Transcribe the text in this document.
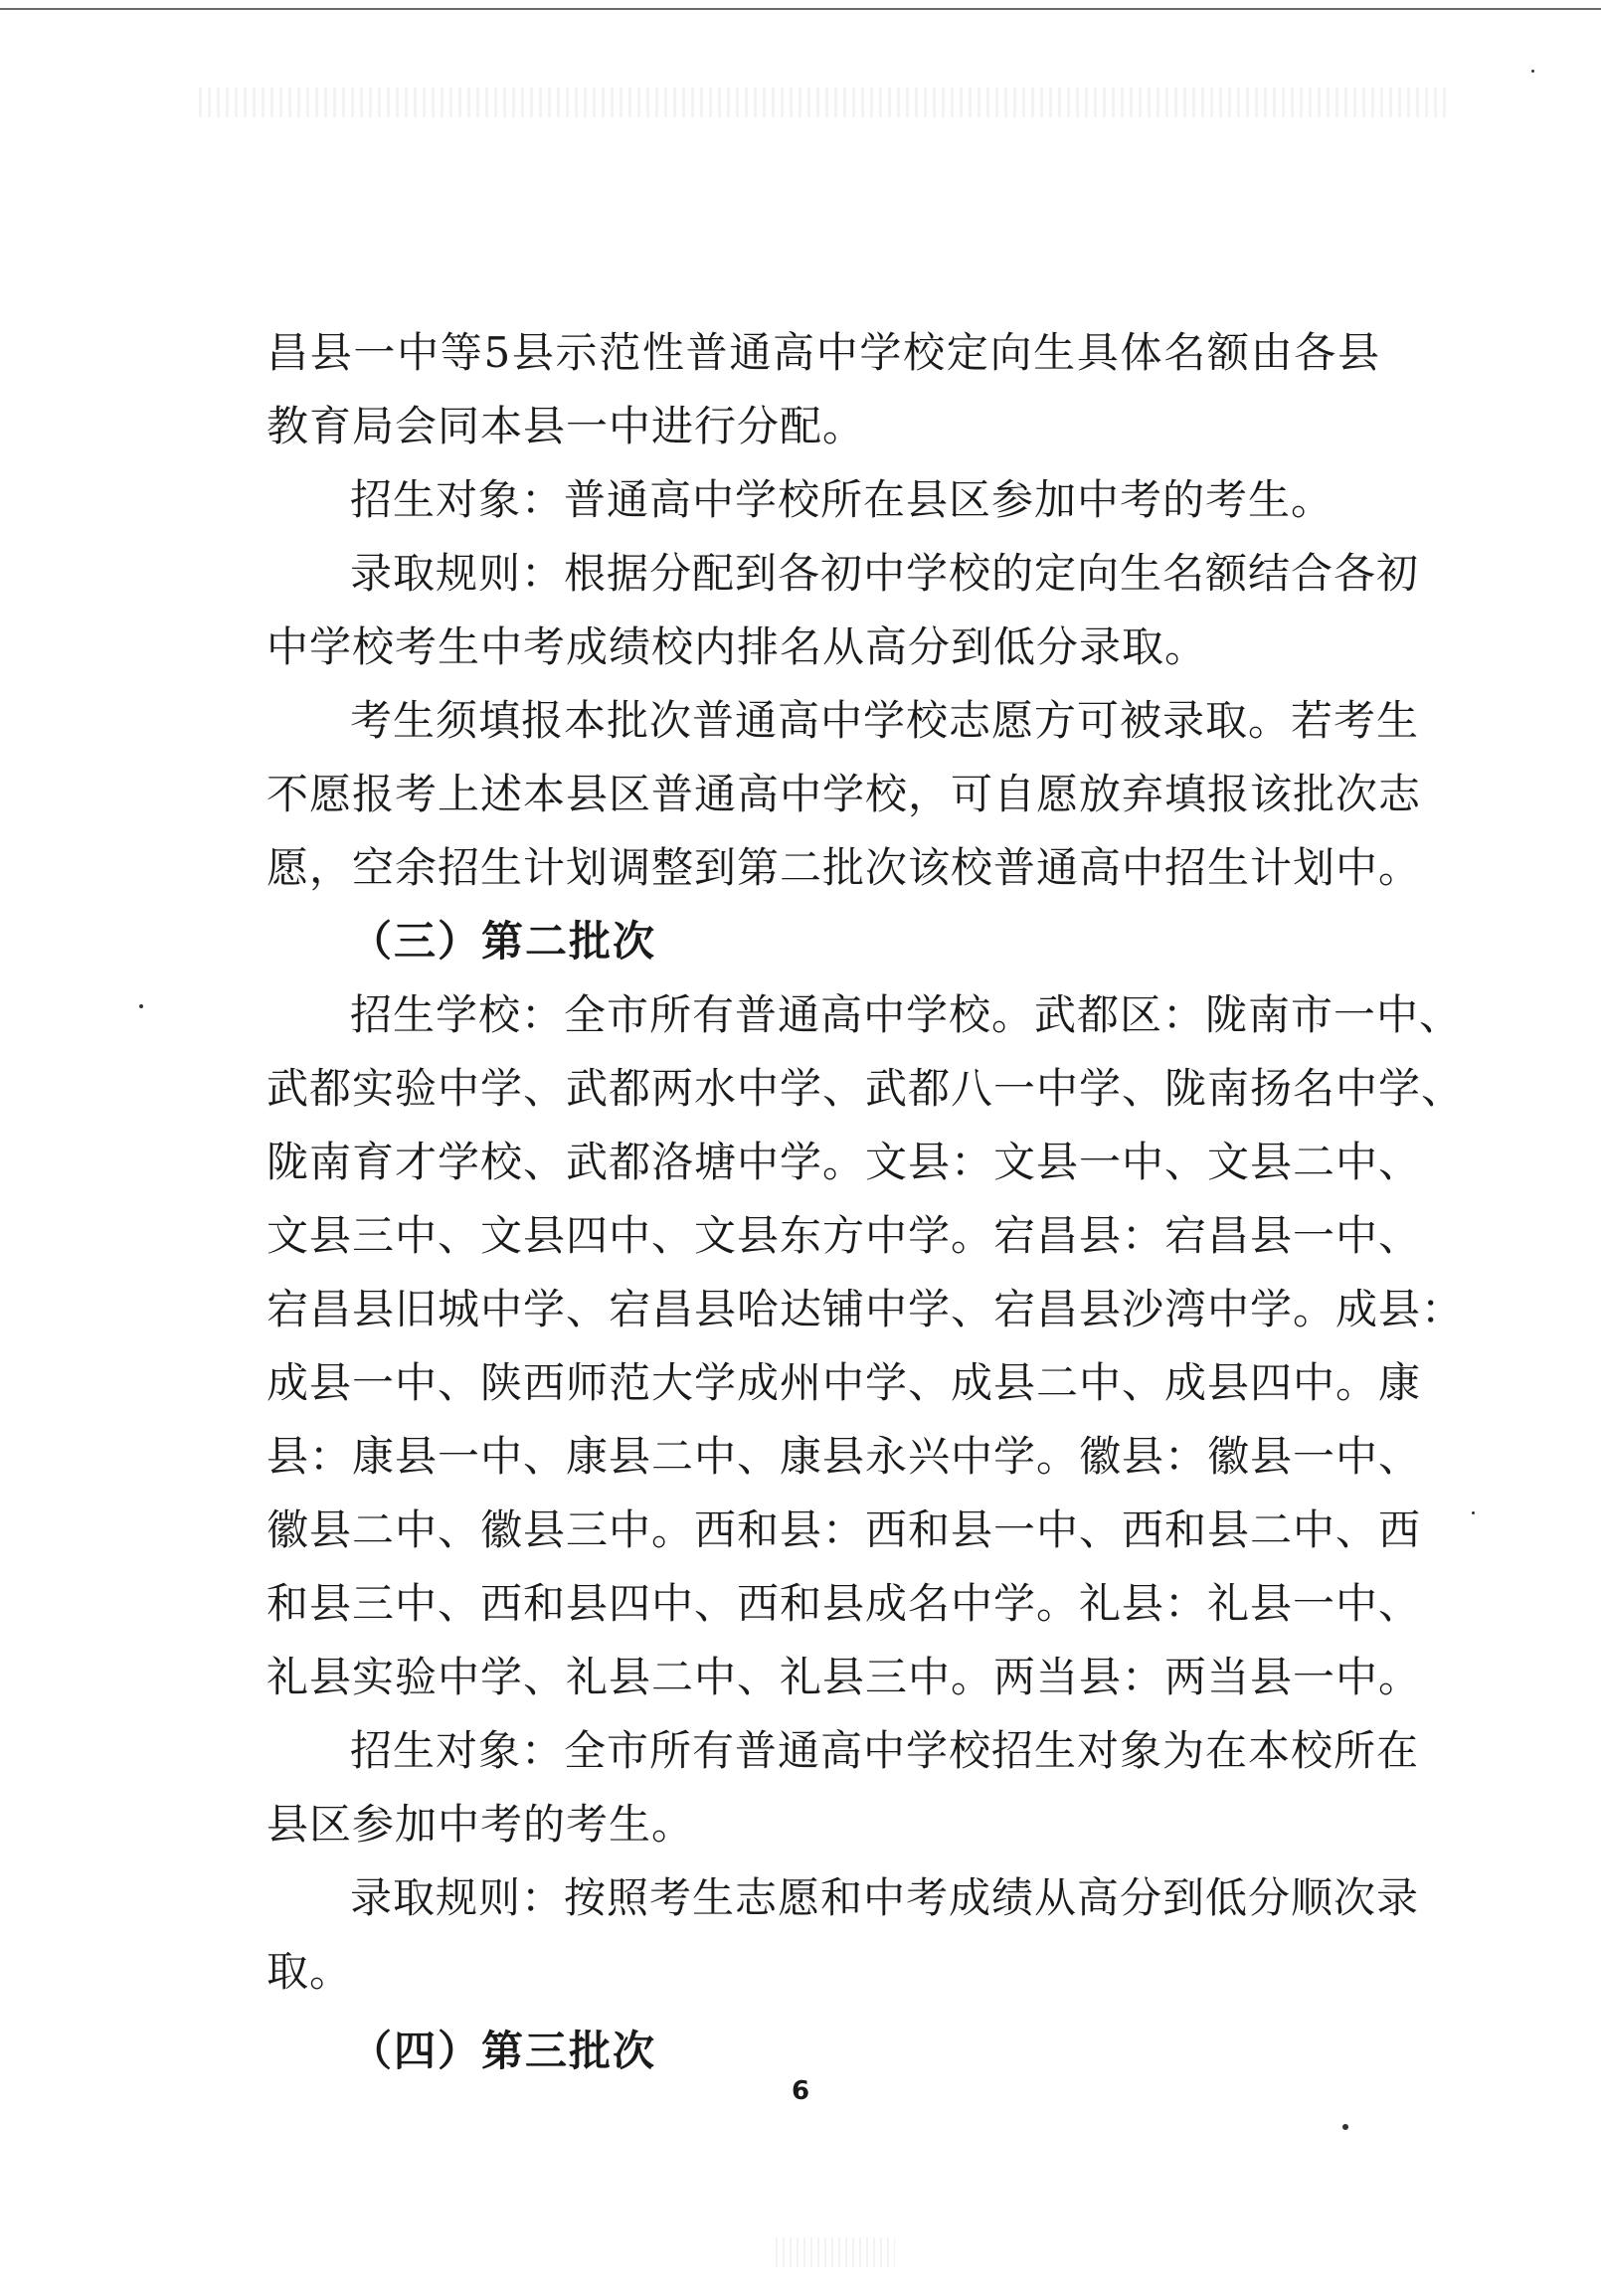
昌县一中等5县示范性普通高中学校定向生具体名额由各县
教育局会同本县一中进行分配。
招生对象：普通高中学校所在县区参加中考的考生。
录取规则：根据分配到各初中学校的定向生名额结合各初
中学校考生中考成绩校内排名从高分到低分录取。
考生须填报本批次普通高中学校志愿方可被录取。若考生
不愿报考上述本县区普通高中学校，可自愿放弃填报该批次志
愿，空余招生计划调整到第二批次该校普通高中招生计划中。
（三）第二批次
招生学校：全市所有普通高中学校。武都区：陇南市一中、
武都实验中学、武都两水中学、武都八一中学、陇南扬名中学、
陇南育才学校、武都洛塘中学。文县：文县一中、文县二中、
文县三中、文县四中、文县东方中学。宕昌县：宕昌县一中、
宕昌县旧城中学、宕昌县哈达铺中学、宕昌县沙湾中学。成县：
成县一中、陕西师范大学成州中学、成县二中、成县四中。康
县：康县一中、康县二中、康县永兴中学。徽县：徽县一中、
徽县二中、徽县三中。西和县：西和县一中、西和县二中、西
和县三中、西和县四中、西和县成名中学。礼县：礼县一中、
礼县实验中学、礼县二中、礼县三中。两当县：两当县一中。
招生对象：全市所有普通高中学校招生对象为在本校所在
县区参加中考的考生。
录取规则：按照考生志愿和中考成绩从高分到低分顺次录
取。
（四）第三批次
6
